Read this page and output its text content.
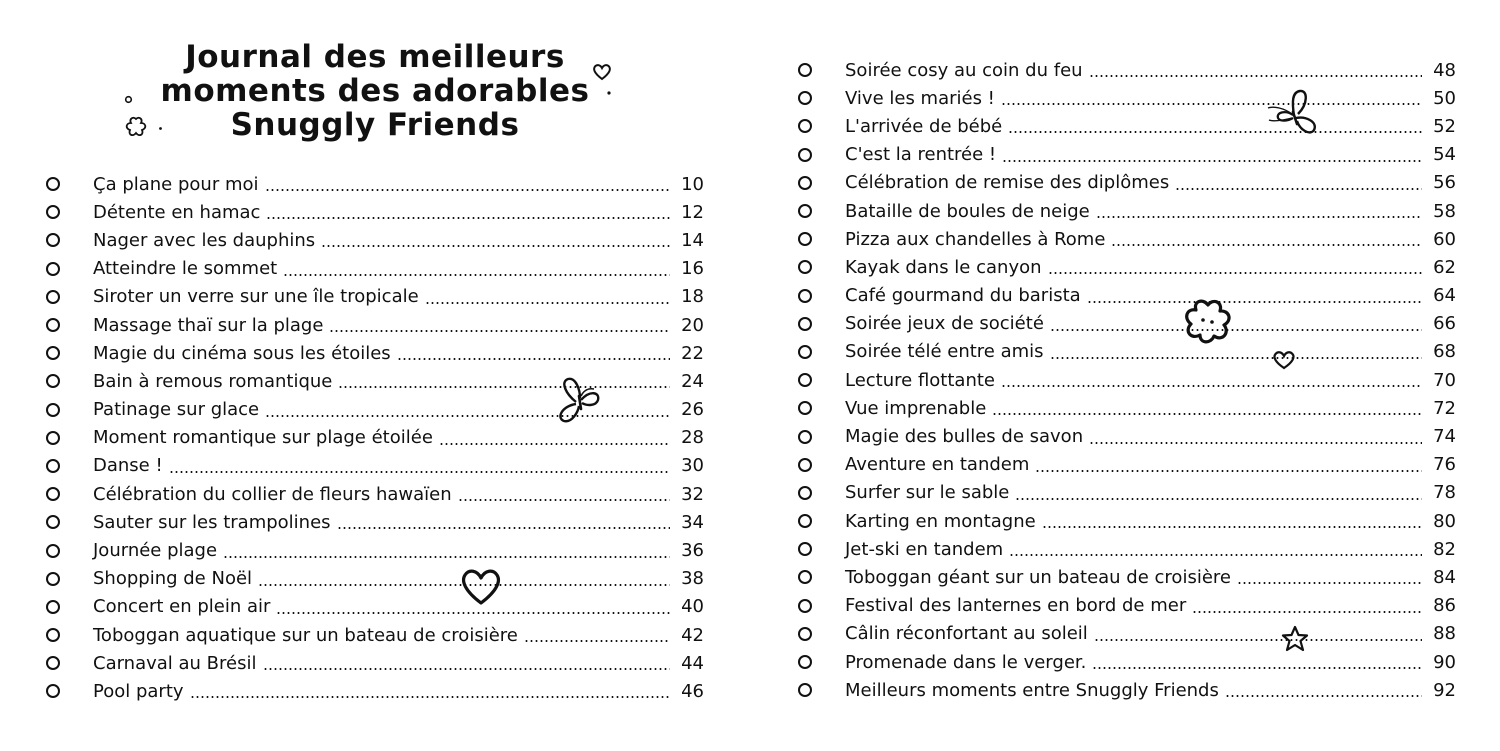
Journal des meilleurs
moments des adorables
Snuggly Friends
Ça plane pour moi	10
Détente en hamac	12
Nager avec les dauphins	14
Atteindre le sommet	16
Siroter un verre sur une île tropicale	18
Massage thaï sur la plage	20
Magie du cinéma sous les étoiles	22
Bain à remous romantique	24
Patinage sur glace	26
Moment romantique sur plage étoilée	28
Danse !	30
Célébration du collier de fleurs hawaïen	32
Sauter sur les trampolines	34
Journée plage	36
Shopping de Noël	38
Concert en plein air	40
Toboggan aquatique sur un bateau de croisière	42
Carnaval au Brésil	44
Pool party	46
Soirée cosy au coin du feu	48
Vive les mariés !	50
L'arrivée de bébé	52
C'est la rentrée !	54
Célébration de remise des diplômes	56
Bataille de boules de neige	58
Pizza aux chandelles à Rome	60
Kayak dans le canyon	62
Café gourmand du barista	64
Soirée jeux de société	66
Soirée télé entre amis	68
Lecture flottante	70
Vue imprenable	72
Magie des bulles de savon	74
Aventure en tandem	76
Surfer sur le sable	78
Karting en montagne	80
Jet-ski en tandem	82
Toboggan géant sur un bateau de croisière	84
Festival des lanternes en bord de mer	86
Câlin réconfortant au soleil	88
Promenade dans le verger.	90
Meilleurs moments entre Snuggly Friends	92
